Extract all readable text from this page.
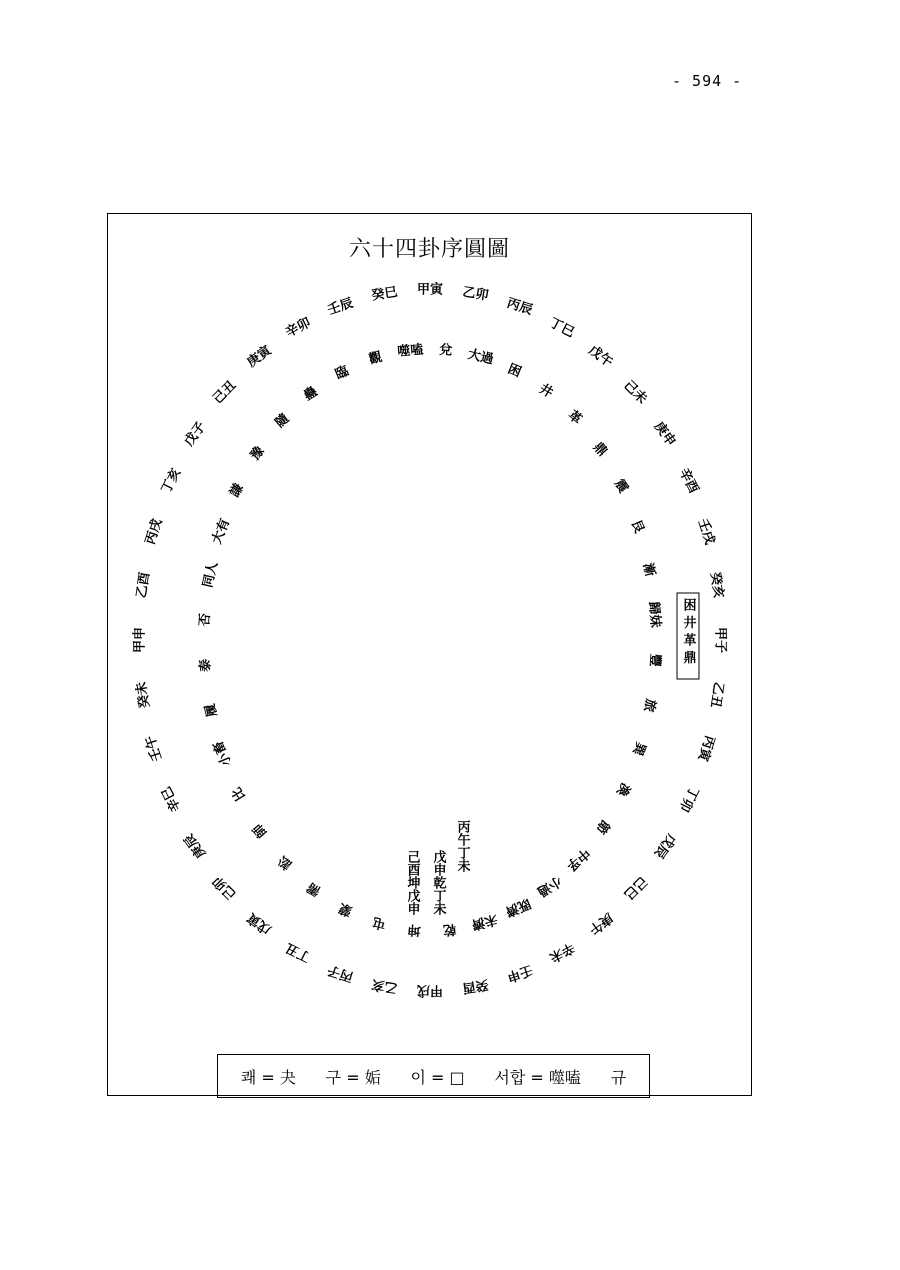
- 594 -
六十四卦序圓圖
甲寅 乙卯
丙辰
丁巳
戊午
己未
庚申
辛酉
壬戌
癸亥
甲子
乙丑
丙寅
丁卯
戊辰
己巳
庚午
辛未
壬申
癸酉
甲戌
乙亥
丙子
丁丑
戊寅
己卯
庚辰
辛巳
壬午
癸未
甲申
乙酉
丙戌
丁亥
戊子
己丑
庚寅
辛卯
壬辰
癸巳
兌 大過
困
井
革
鼎
震
艮
漸
歸妹
豐
旅
巽
渙
節
中孚
小過
既濟
未濟
乾
坤
屯
蒙
需
訟
師
比
小畜
履
泰
否
同人
大有
謙
豫
隨
蠱
臨
觀 噬嗑
丙午丁未
戊申乾丁未
己酉坤戊申
困 井 革 鼎
쾌 = 夬 구 = 姤 이 = □ 서합 = 噬嗑 규
